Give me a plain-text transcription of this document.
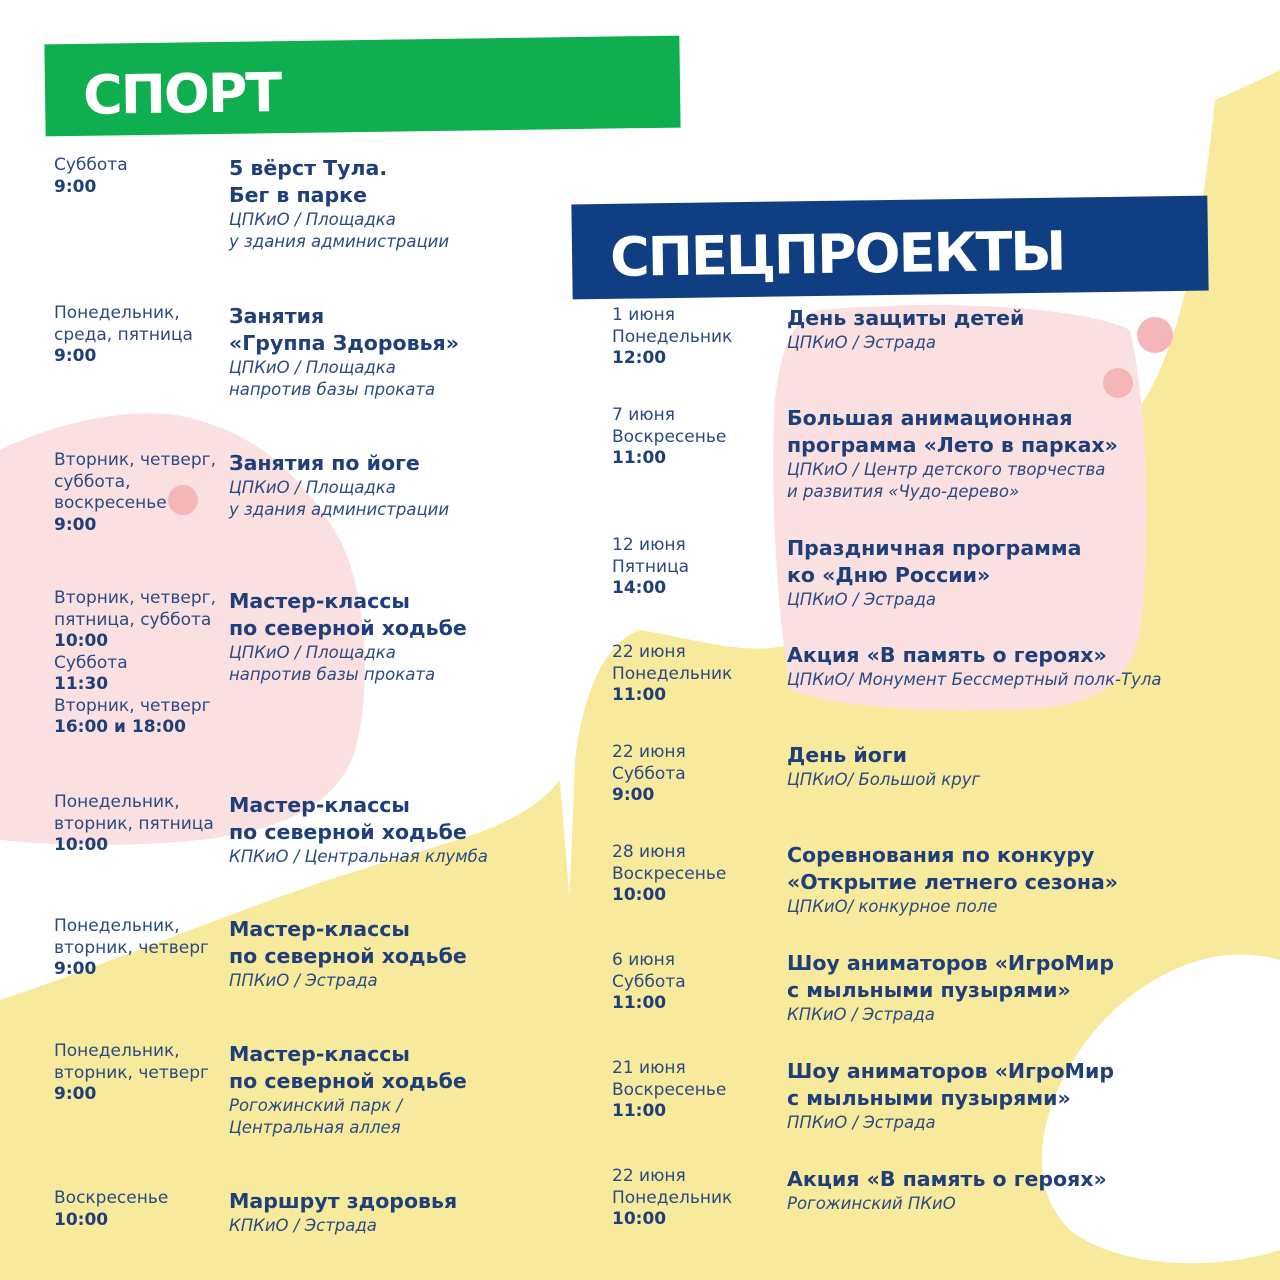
СПОРТ
СПЕЦПРОЕКТЫ
Суббота
9:00
5 вёрст Тула.
Бег в парке
ЦПКиО / Площадка
у здания администрации
Понедельник,
среда, пятница
9:00
Занятия
«Группа Здоровья»
ЦПКиО / Площадка
напротив базы проката
Вторник, четверг,
суббота,
воскресенье
9:00
Занятия по йоге
ЦПКиО / Площадка
у здания администрации
Вторник, четверг,
пятница, суббота
10:00
Суббота
11:30
Вторник, четверг
16:00 и 18:00
Мастер-классы
по северной ходьбе
ЦПКиО / Площадка
напротив базы проката
Понедельник,
вторник, пятница
10:00
Мастер-классы
по северной ходьбе
КПКиО / Центральная клумба
Понедельник,
вторник, четверг
9:00
Мастер-классы
по северной ходьбе
ППКиО / Эстрада
Понедельник,
вторник, четверг
9:00
Мастер-классы
по северной ходьбе
Рогожинский парк /
Центральная аллея
Воскресенье
10:00
Маршрут здоровья
КПКиО / Эстрада
1 июня
Понедельник
12:00
День защиты детей
ЦПКиО / Эстрада
7 июня
Воскресенье
11:00
Большая анимационная
программа «Лето в парках»
ЦПКиО / Центр детского творчества
и развития «Чудо-дерево»
12 июня
Пятница
14:00
Праздничная программа
ко «Дню России»
ЦПКиО / Эстрада
22 июня
Понедельник
11:00
Акция «В память о героях»
ЦПКиО/ Монумент Бессмертный полк-Тула
22 июня
Суббота
9:00
День йоги
ЦПКиО/ Большой круг
28 июня
Воскресенье
10:00
Соревнования по конкуру
«Открытие летнего сезона»
ЦПКиО/ конкурное поле
6 июня
Суббота
11:00
Шоу аниматоров «ИгроМир
с мыльными пузырями»
КПКиО / Эстрада
21 июня
Воскресенье
11:00
Шоу аниматоров «ИгроМир
с мыльными пузырями»
ППКиО / Эстрада
22 июня
Понедельник
10:00
Акция «В память о героях»
Рогожинский ПКиО
